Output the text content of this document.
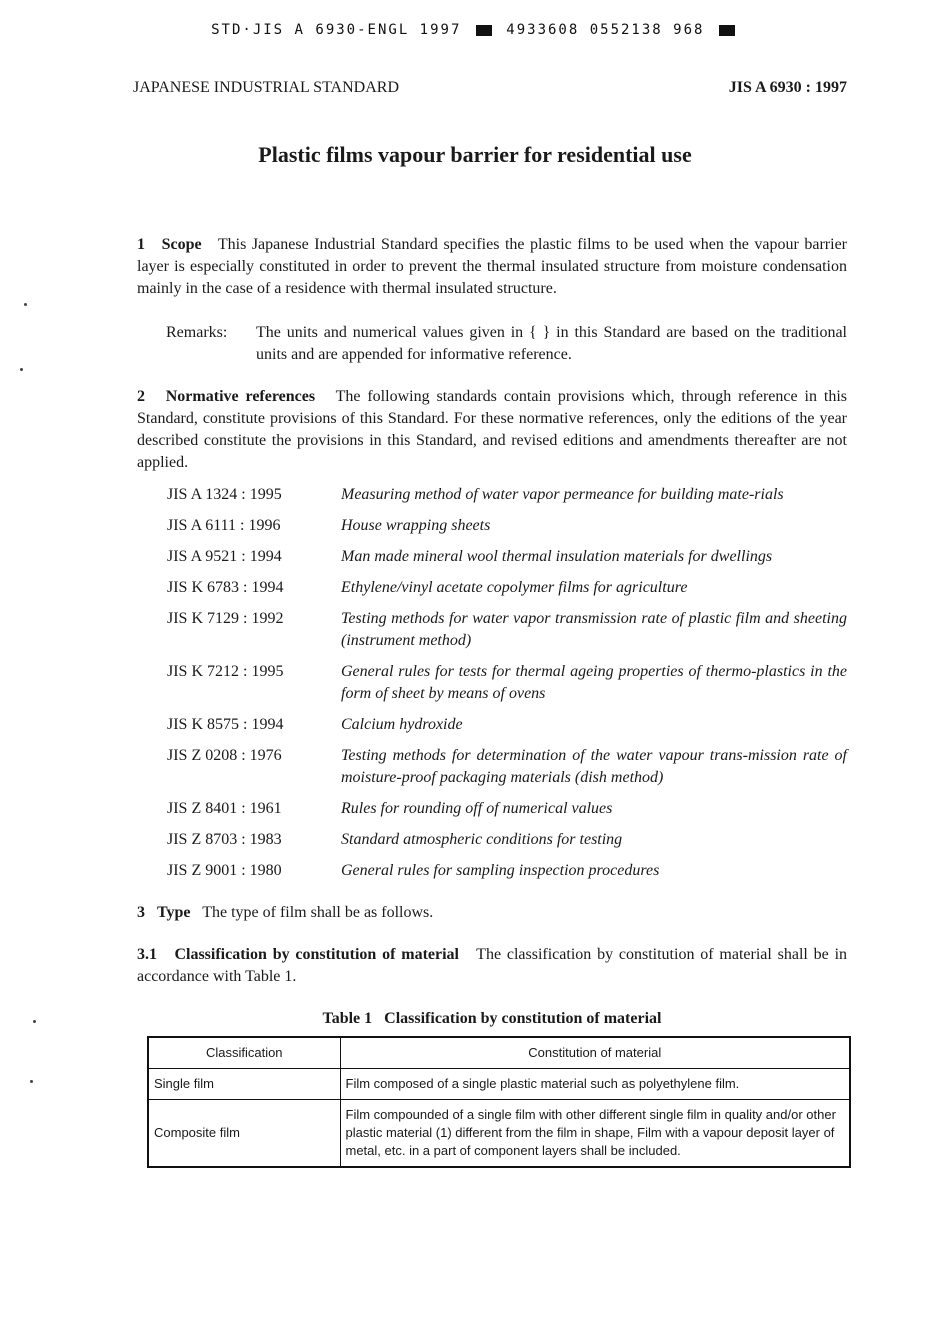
STD·JIS A 6930-ENGL 1997	4933608 0552138 968
JAPANESE INDUSTRIAL STANDARD	JIS A 6930 : 1997
Plastic films vapour barrier for residential use

1 Scope This Japanese Industrial Standard specifies the plastic films to be used when the vapour barrier layer is especially constituted in order to prevent the thermal insulated structure from moisture condensation mainly in the case of a residence with thermal insulated structure.

Remarks:	The units and numerical values given in { } in this Standard are based on the traditional units and are appended for informative reference.

2 Normative references The following standards contain provisions which, through reference in this Standard, constitute provisions of this Standard. For these normative references, only the editions of the year described constitute the provisions in this Standard, and revised editions and amendments thereafter are not applied.

JIS A 1324 : 1995	Measuring method of water vapor permeance for building mate-rials
JIS A 6111 : 1996	House wrapping sheets
JIS A 9521 : 1994	Man made mineral wool thermal insulation materials for dwellings
JIS K 6783 : 1994	Ethylene/vinyl acetate copolymer films for agriculture
JIS K 7129 : 1992	Testing methods for water vapor transmission rate of plastic film and sheeting (instrument method)
JIS K 7212 : 1995	General rules for tests for thermal ageing properties of thermo-plastics in the form of sheet by means of ovens
JIS K 8575 : 1994	Calcium hydroxide
JIS Z 0208 : 1976	Testing methods for determination of the water vapour trans-mission rate of moisture-proof packaging materials (dish method)
JIS Z 8401 : 1961	Rules for rounding off of numerical values
JIS Z 8703 : 1983	Standard atmospheric conditions for testing
JIS Z 9001 : 1980	General rules for sampling inspection procedures

3 Type The type of film shall be as follows.

3.1 Classification by constitution of material The classification by constitution of material shall be in accordance with Table 1.

Table 1 Classification by constitution of material
Classification	Constitution of material
Single film	Film composed of a single plastic material such as polyethylene film.
Composite film	Film compounded of a single film with other different single film in quality and/or other plastic material (1) different from the film in shape, Film with a vapour deposit layer of metal, etc. in a part of component layers shall be included.
